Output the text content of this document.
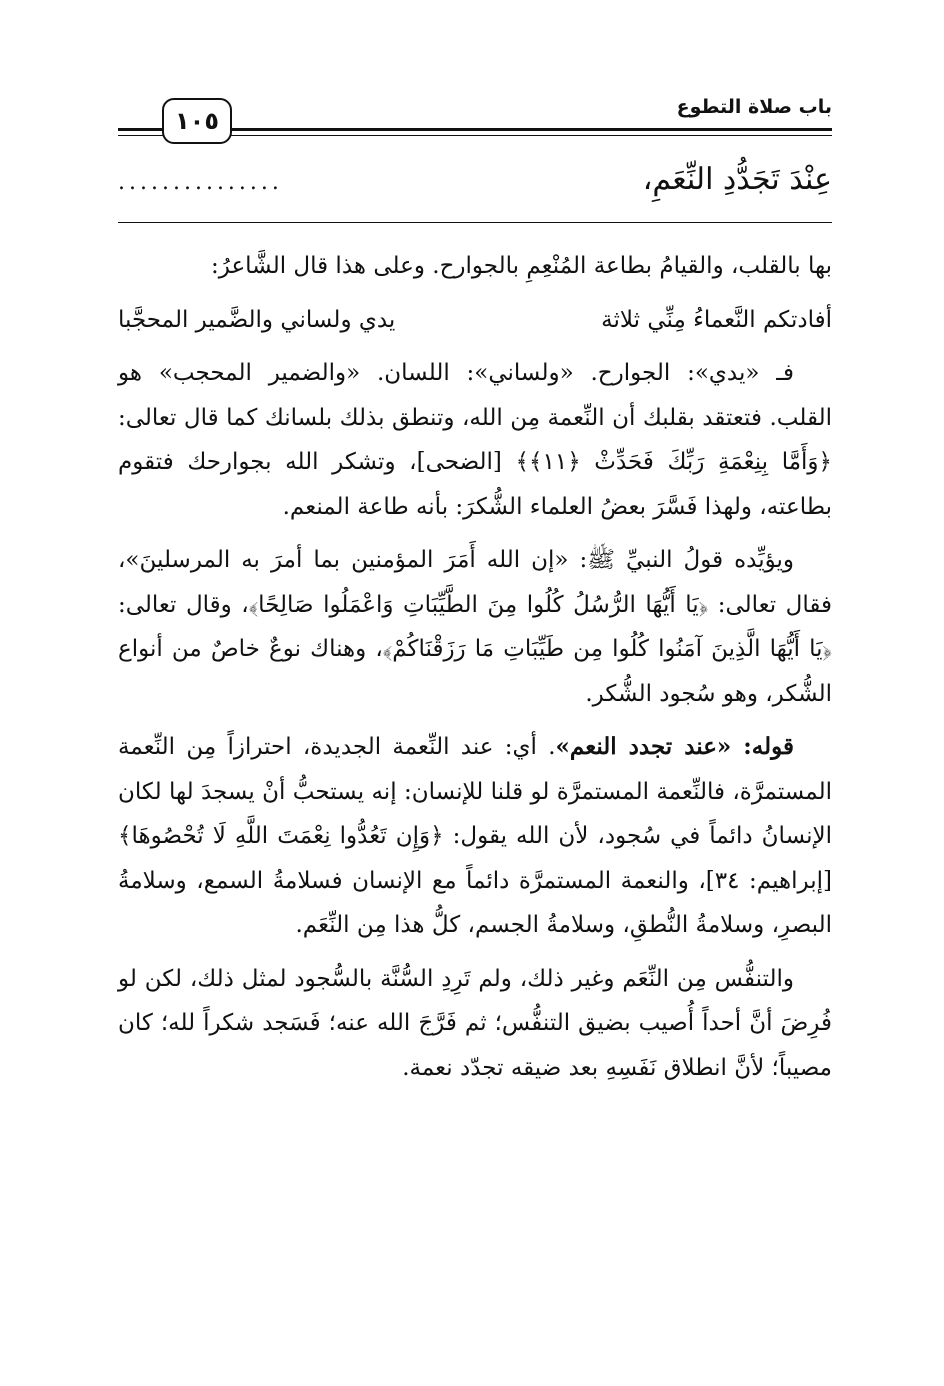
باب صلاة التطوع
١٠٥
عِنْدَ تَجَدُّدِ النِّعَمِ،
...............

بها بالقلب، والقيامُ بطاعة المُنْعِمِ بالجوارح. وعلى هذا قال الشَّاعرُ:

أفادتكم النَّعماءُ مِنِّي ثلاثة
يدي ولساني والضَّمير المحجَّبا

فـ «يدي»: الجوارح. «ولساني»: اللسان. «والضمير المحجب» هو القلب. فتعتقد بقلبك أن النِّعمة مِن الله، وتنطق بذلك بلسانك كما قال تعالى: ﴿وَأَمَّا بِنِعْمَةِ رَبِّكَ فَحَدِّثْ ﴿١١﴾﴾ [الضحى]، وتشكر الله بجوارحك فتقوم بطاعته، ولهذا فَسَّرَ بعضُ العلماء الشُّكرَ: بأنه طاعة المنعم.

ويؤيِّده قولُ النبيِّ ﷺ: «إن الله أَمَرَ المؤمنين بما أمرَ به المرسلينَ»، فقال تعالى: ﴿يَا أَيُّهَا الرُّسُلُ كُلُوا مِنَ الطَّيِّبَاتِ وَاعْمَلُوا صَالِحًا﴾، وقال تعالى: ﴿يَا أَيُّهَا الَّذِينَ آمَنُوا كُلُوا مِن طَيِّبَاتِ مَا رَزَقْنَاكُمْ﴾، وهناك نوعٌ خاصٌ من أنواع الشُّكر، وهو سُجود الشُّكر.

قوله: «عند تجدد النعم». أي: عند النِّعمة الجديدة، احترازاً مِن النِّعمة المستمرَّة، فالنِّعمة المستمرَّة لو قلنا للإنسان: إنه يستحبُّ أنْ يسجدَ لها لكان الإنسانُ دائماً في سُجود، لأن الله يقول: ﴿وَإِن تَعُدُّوا نِعْمَتَ اللَّهِ لَا تُحْصُوهَا﴾ [إبراهيم: ٣٤]، والنعمة المستمرَّة دائماً مع الإنسان فسلامةُ السمع، وسلامةُ البصرِ، وسلامةُ النُّطقِ، وسلامةُ الجسم، كلُّ هذا مِن النِّعَم.

والتنفُّس مِن النِّعَم وغير ذلك، ولم تَرِدِ السُّنَّة بالسُّجود لمثل ذلك، لكن لو فُرِضَ أنَّ أحداً أُصيب بضيق التنفُّس؛ ثم فَرَّجَ الله عنه؛ فَسَجد شكراً لله؛ كان مصيباً؛ لأنَّ انطلاق نَفَسِهِ بعد ضيقه تجدّد نعمة.
